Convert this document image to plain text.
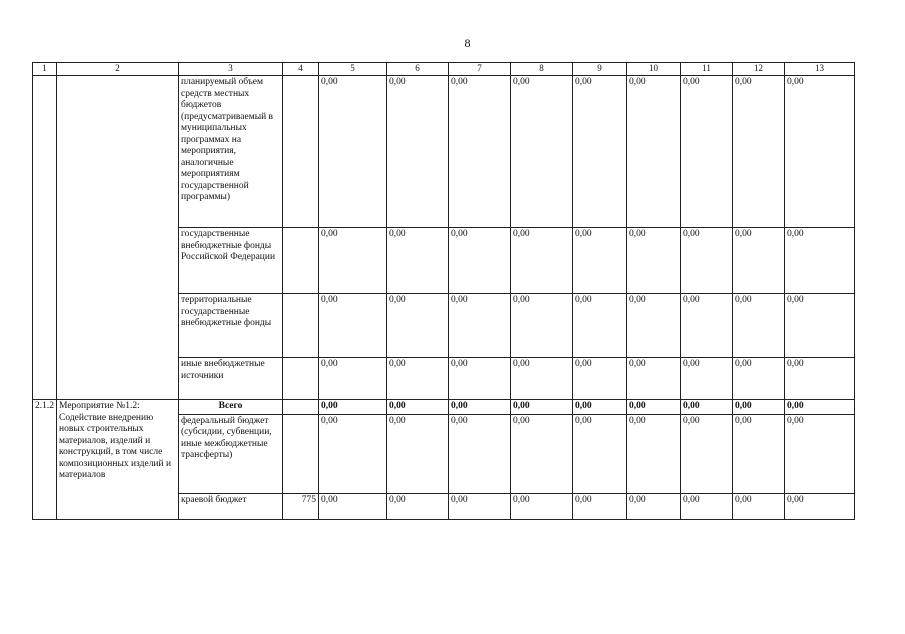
8
1	2	3	4	5	6	7	8	9	10	11	12	13
		планируемый объем средств местных бюджетов (предусматриваемый в муниципальных программах на мероприятия, аналогичные мероприятиям государственной программы)		0,00	0,00	0,00	0,00	0,00	0,00	0,00	0,00	0,00
		государственные внебюджетные фонды Российской Федерации		0,00	0,00	0,00	0,00	0,00	0,00	0,00	0,00	0,00
		территориальные государственные внебюджетные фонды		0,00	0,00	0,00	0,00	0,00	0,00	0,00	0,00	0,00
		иные внебюджетные источники		0,00	0,00	0,00	0,00	0,00	0,00	0,00	0,00	0,00
2.1.2	Мероприятие №1.2: Содействие внедрению новых строительных материалов, изделий и конструкций, в том числе композиционных изделий и материалов	Всего		0,00	0,00	0,00	0,00	0,00	0,00	0,00	0,00	0,00
		федеральный бюджет (субсидии, субвенции, иные межбюджетные трансферты)		0,00	0,00	0,00	0,00	0,00	0,00	0,00	0,00	0,00
		краевой бюджет	775	0,00	0,00	0,00	0,00	0,00	0,00	0,00	0,00	0,00
